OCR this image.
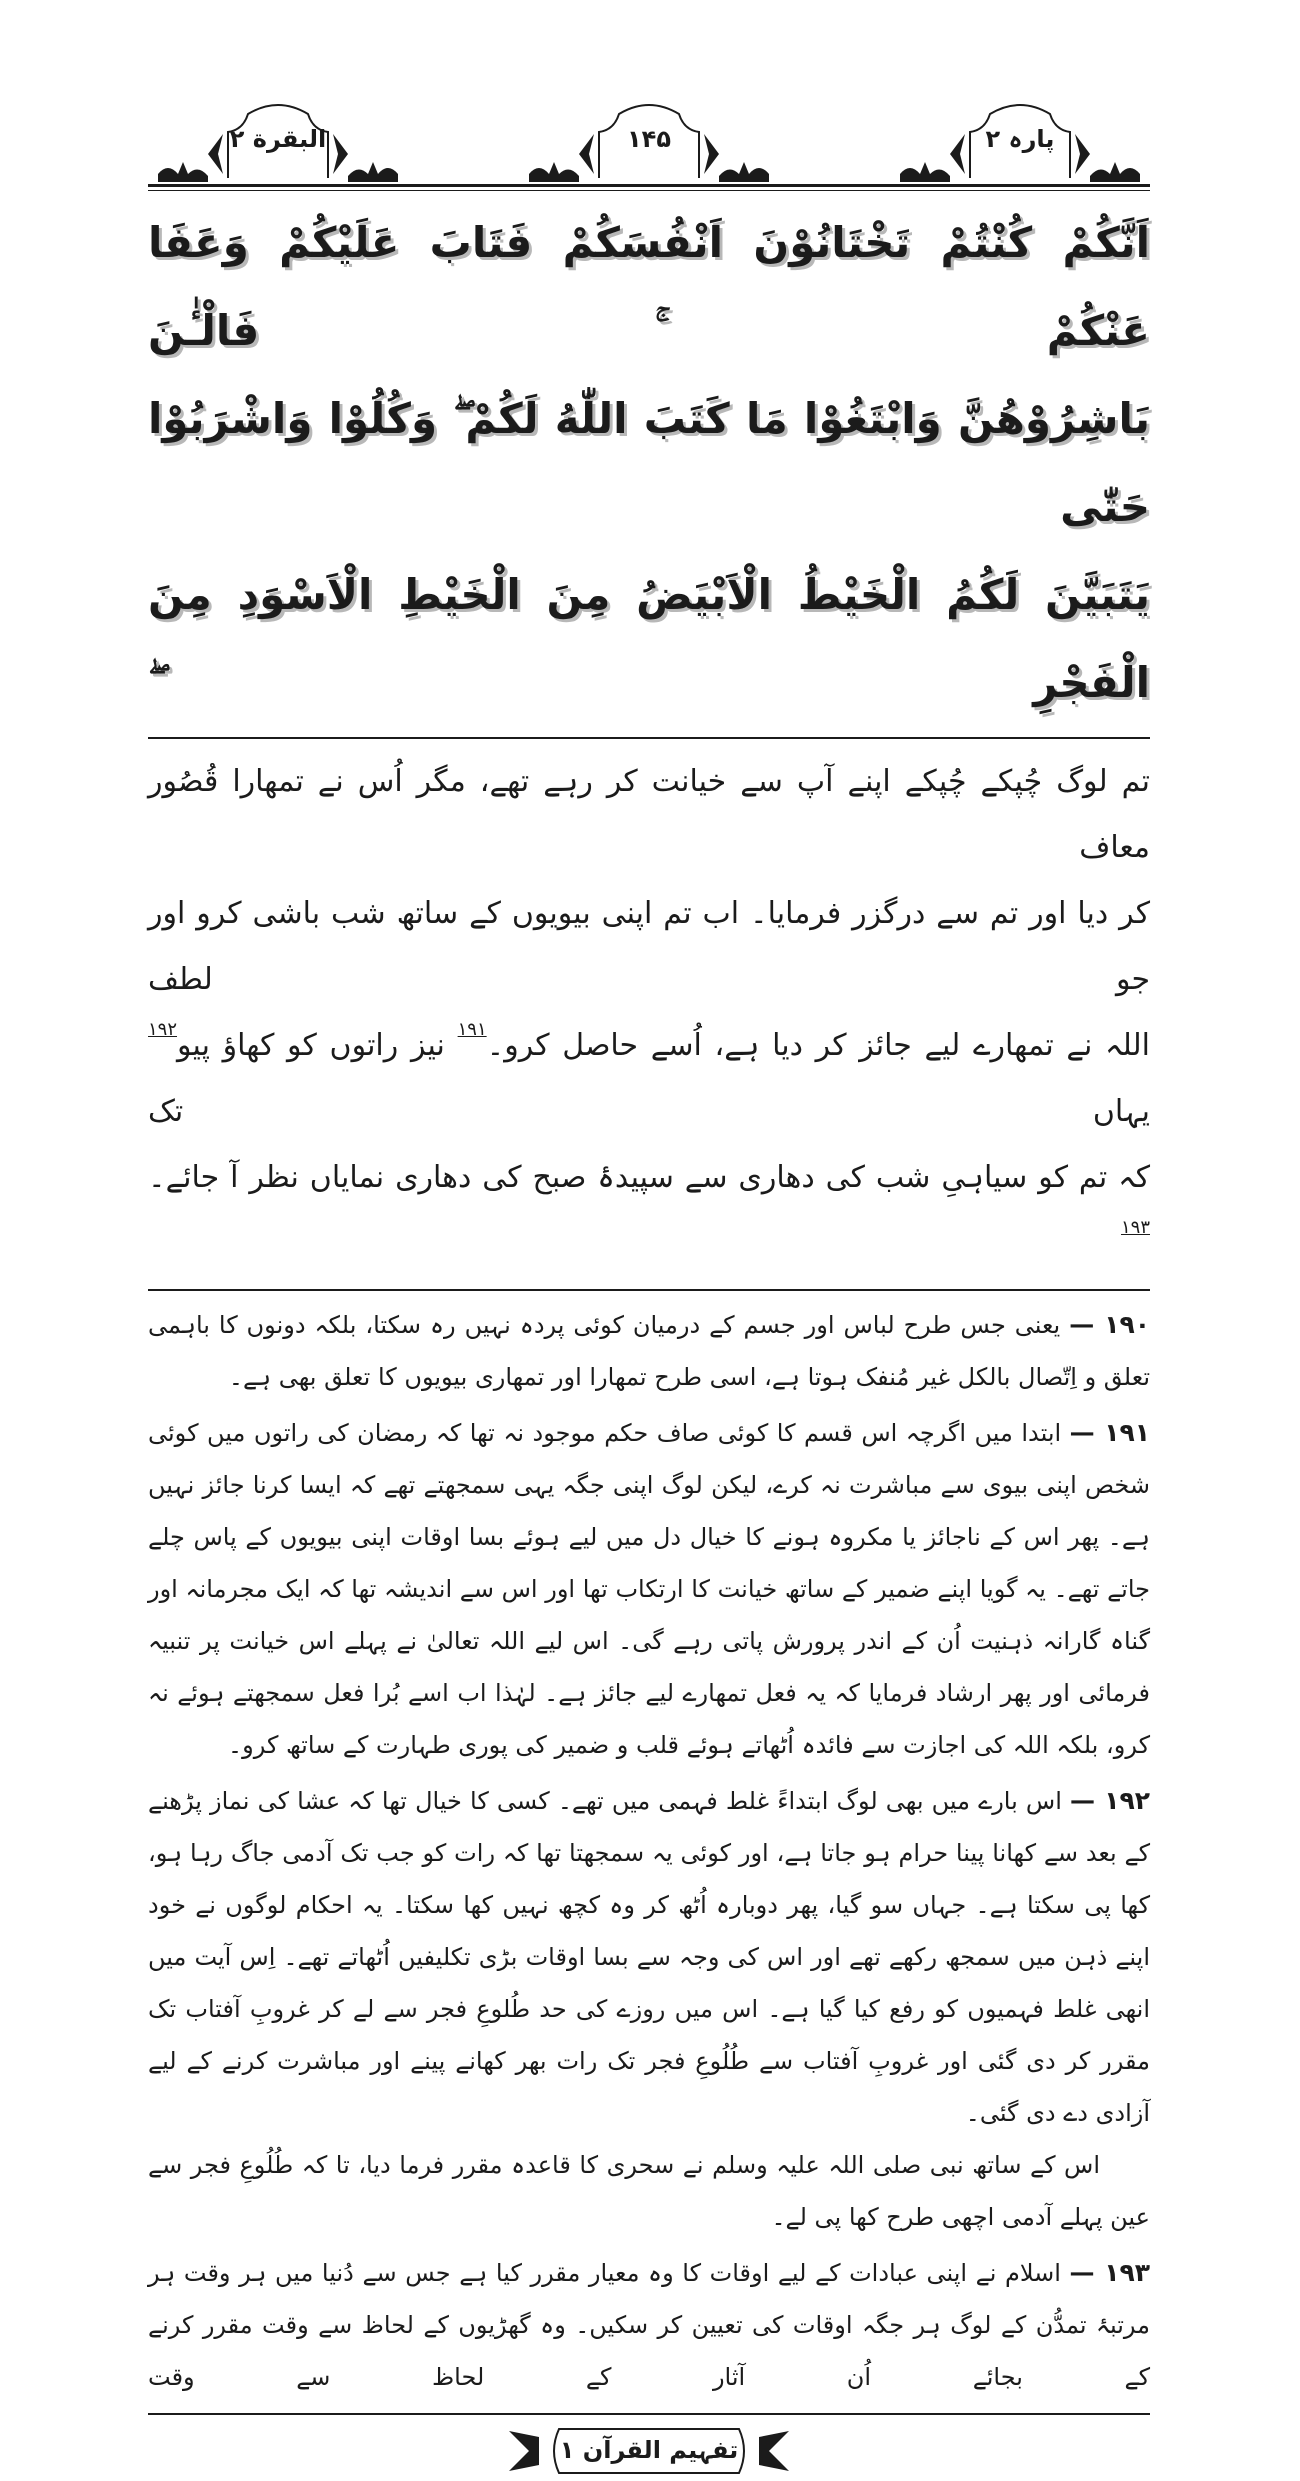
پارہ ۲
۱۴۵
البقرة ۲
اَنَّكُمْ كُنْتُمْ تَخْتَانُوْنَ اَنْفُسَكُمْ فَتَابَ عَلَيْكُمْ وَعَفَا عَنْكُمْ ۚ فَالْـٰٔنَ
بَاشِرُوْهُنَّ وَابْتَغُوْا مَا كَتَبَ اللّٰهُ لَكُمْ ۖ وَكُلُوْا وَاشْرَبُوْا حَتّٰى
يَتَبَيَّنَ لَكُمُ الْخَيْطُ الْاَبْيَضُ مِنَ الْخَيْطِ الْاَسْوَدِ مِنَ الْفَجْرِ ۖ
تم لوگ چُپکے چُپکے اپنے آپ سے خیانت کر رہے تھے، مگر اُس نے تمھارا قُصُور معاف
کر دیا اور تم سے درگزر فرمایا۔ اب تم اپنی بیویوں کے ساتھ شب باشی کرو اور جو لطف
اللہ نے تمھارے لیے جائز کر دیا ہے، اُسے حاصل کرو۔$^{۱۹۱}$ نیز راتوں کو کھاؤ پیو$^{۱۹۲}$ یہاں تک
کہ تم کو سیاہیِ شب کی دھاری سے سپیدۂ صبح کی دھاری نمایاں نظر آ جائے۔$^{۱۹۳}$

۱۹۰ — یعنی جس طرح لباس اور جسم کے درمیان کوئی پردہ نہیں رہ سکتا، بلکہ دونوں کا باہمی تعلق و اِتّصال بالکل غیر مُنفک ہوتا ہے، اسی طرح تمھارا اور تمھاری بیویوں کا تعلق بھی ہے۔

۱۹۱ — ابتدا میں اگرچہ اس قسم کا کوئی صاف حکم موجود نہ تھا کہ رمضان کی راتوں میں کوئی شخص اپنی بیوی سے مباشرت نہ کرے، لیکن لوگ اپنی جگہ یہی سمجھتے تھے کہ ایسا کرنا جائز نہیں ہے۔ پھر اس کے ناجائز یا مکروہ ہونے کا خیال دل میں لیے ہوئے بسا اوقات اپنی بیویوں کے پاس چلے جاتے تھے۔ یہ گویا اپنے ضمیر کے ساتھ خیانت کا ارتکاب تھا اور اس سے اندیشہ تھا کہ ایک مجرمانہ اور گناہ گارانہ ذہنیت اُن کے اندر پرورش پاتی رہے گی۔ اس لیے اللہ تعالیٰ نے پہلے اس خیانت پر تنبیہ فرمائی اور پھر ارشاد فرمایا کہ یہ فعل تمھارے لیے جائز ہے۔ لہٰذا اب اسے بُرا فعل سمجھتے ہوئے نہ کرو، بلکہ اللہ کی اجازت سے فائدہ اُٹھاتے ہوئے قلب و ضمیر کی پوری طہارت کے ساتھ کرو۔

۱۹۲ — اس بارے میں بھی لوگ ابتداءً غلط فہمی میں تھے۔ کسی کا خیال تھا کہ عشا کی نماز پڑھنے کے بعد سے کھانا پینا حرام ہو جاتا ہے، اور کوئی یہ سمجھتا تھا کہ رات کو جب تک آدمی جاگ رہا ہو، کھا پی سکتا ہے۔ جہاں سو گیا، پھر دوبارہ اُٹھ کر وہ کچھ نہیں کھا سکتا۔ یہ احکام لوگوں نے خود اپنے ذہن میں سمجھ رکھے تھے اور اس کی وجہ سے بسا اوقات بڑی تکلیفیں اُٹھاتے تھے۔ اِس آیت میں انھی غلط فہمیوں کو رفع کیا گیا ہے۔ اس میں روزے کی حد طُلوعِ فجر سے لے کر غروبِ آفتاب تک مقرر کر دی گئی اور غروبِ آفتاب سے طُلُوعِ فجر تک رات بھر کھانے پینے اور مباشرت کرنے کے لیے آزادی دے دی گئی۔

اس کے ساتھ نبی صلی اللہ علیہ وسلم نے سحری کا قاعدہ مقرر فرما دیا، تا کہ طُلُوعِ فجر سے عین پہلے آدمی اچھی طرح کھا پی لے۔

۱۹۳ — اسلام نے اپنی عبادات کے لیے اوقات کا وہ معیار مقرر کیا ہے جس سے دُنیا میں ہر وقت ہر مرتبۂ تمدُّن کے لوگ ہر جگہ اوقات کی تعیین کر سکیں۔ وہ گھڑیوں کے لحاظ سے وقت مقرر کرنے کے بجائے اُن آثار کے لحاظ سے وقت

تفہیم القرآن ۱
